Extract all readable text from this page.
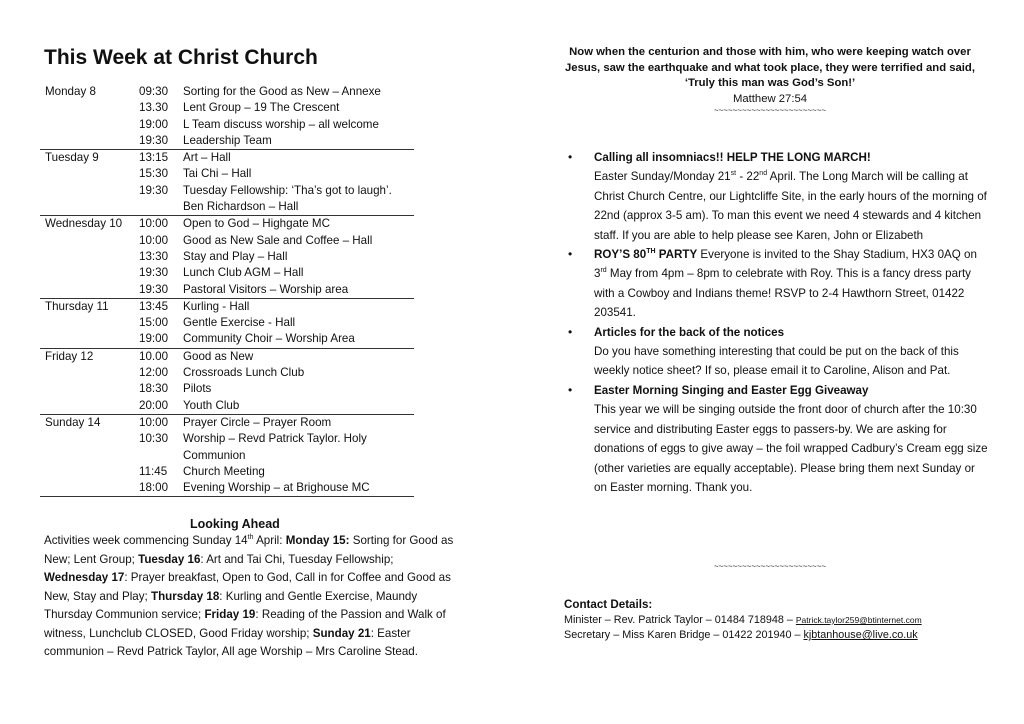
This Week at Christ Church
Monday 8	09:30	Sorting for the Good as New – Annexe
	13.30	Lent Group – 19 The Crescent
	19:00	L Team discuss worship – all welcome
	19:30	Leadership Team
Tuesday 9	13:15	Art – Hall
	15:30	Tai Chi – Hall
	19:30	Tuesday Fellowship: ‘Tha’s got to laugh’.
		Ben Richardson – Hall
Wednesday 10	10:00	Open to God – Highgate MC
	10:00	Good as New Sale and Coffee – Hall
	13:30	Stay and Play – Hall
	19:30	Lunch Club AGM – Hall
	19:30	Pastoral Visitors – Worship area
Thursday 11	13:45	Kurling - Hall
	15:00	Gentle Exercise - Hall
	19:00	Community Choir – Worship Area
Friday 12	10.00	Good as New
	12:00	Crossroads Lunch Club
	18:30	Pilots
	20:00	Youth Club
Sunday 14	10:00	Prayer Circle – Prayer Room
	10:30	Worship – Revd Patrick Taylor. Holy
		Communion
	11:45	Church Meeting
	18:00	Evening Worship – at Brighouse MC
Looking Ahead
Activities week commencing Sunday 14th April: Monday 15: Sorting for Good as New; Lent Group; Tuesday 16: Art and Tai Chi, Tuesday Fellowship; Wednesday 17: Prayer breakfast, Open to God, Call in for Coffee and Good as New, Stay and Play; Thursday 18: Kurling and Gentle Exercise, Maundy Thursday Communion service; Friday 19: Reading of the Passion and Walk of witness, Lunchclub CLOSED, Good Friday worship; Sunday 21: Easter communion – Revd Patrick Taylor, All age Worship – Mrs Caroline Stead.
Now when the centurion and those with him, who were keeping watch over Jesus, saw the earthquake and what took place, they were terrified and said, ‘Truly this man was God’s Son!’
Matthew 27:54
~~~~~~~~~~~~~~~~~~~~~~~~
• Calling all insomniacs!! HELP THE LONG MARCH!
Easter Sunday/Monday 21st - 22nd April. The Long March will be calling at Christ Church Centre, our Lightcliffe Site, in the early hours of the morning of 22nd (approx 3-5 am). To man this event we need 4 stewards and 4 kitchen staff. If you are able to help please see Karen, John or Elizabeth
• ROY’S 80TH PARTY Everyone is invited to the Shay Stadium, HX3 0AQ on 3rd May from 4pm – 8pm to celebrate with Roy. This is a fancy dress party with a Cowboy and Indians theme! RSVP to 2-4 Hawthorn Street, 01422 203541.
• Articles for the back of the notices
Do you have something interesting that could be put on the back of this weekly notice sheet? If so, please email it to Caroline, Alison and Pat.
• Easter Morning Singing and Easter Egg Giveaway
This year we will be singing outside the front door of church after the 10:30 service and distributing Easter eggs to passers-by. We are asking for donations of eggs to give away – the foil wrapped Cadbury’s Cream egg size (other varieties are equally acceptable). Please bring them next Sunday or on Easter morning. Thank you.
~~~~~~~~~~~~~~~~~~~~~~~~
Contact Details:
Minister – Rev. Patrick Taylor – 01484 718948 – Patrick.taylor259@btinternet.com
Secretary – Miss Karen Bridge – 01422 201940 – kjbtanhouse@live.co.uk
